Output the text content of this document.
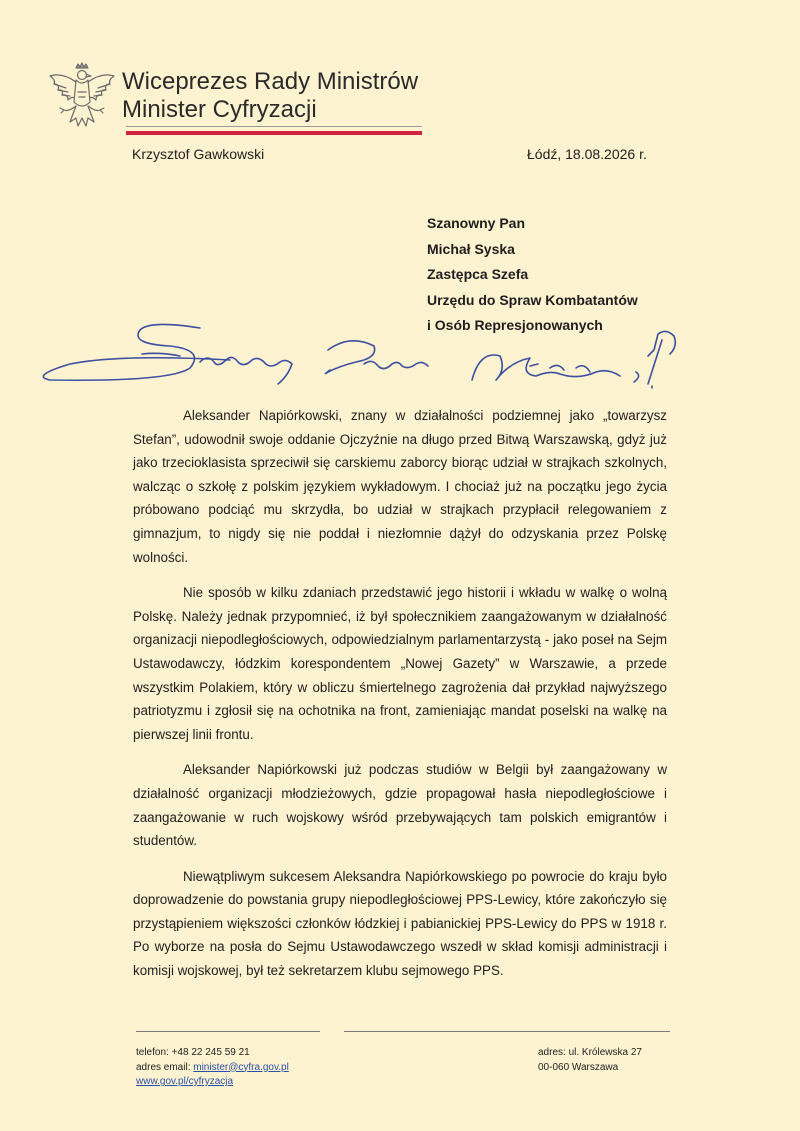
Wiceprezes Rady Ministrów
Minister Cyfryzacji
Krzysztof Gawkowski	Łódź, 18.08.2026 r.
Szanowny Pan
Michał Syska
Zastępca Szefa
Urzędu do Spraw Kombatantów
i Osób Represjonowanych

Aleksander Napiórkowski, znany w działalności podziemnej jako „towarzysz Stefan”, udowodnił swoje oddanie Ojczyźnie na długo przed Bitwą Warszawską, gdyż już jako trzecioklasista sprzeciwił się carskiemu zaborcy biorąc udział w strajkach szkolnych, walcząc o szkołę z polskim językiem wykładowym. I chociaż już na początku jego życia próbowano podciąć mu skrzydła, bo udział w strajkach przypłacił relegowaniem z gimnazjum, to nigdy się nie poddał i niezłomnie dążył do odzyskania przez Polskę wolności.

Nie sposób w kilku zdaniach przedstawić jego historii i wkładu w walkę o wolną Polskę. Należy jednak przypomnieć, iż był społecznikiem zaangażowanym w działalność organizacji niepodległościowych, odpowiedzialnym parlamentarzystą - jako poseł na Sejm Ustawodawczy, łódzkim korespondentem „Nowej Gazety” w Warszawie, a przede wszystkim Polakiem, który w obliczu śmiertelnego zagrożenia dał przykład najwyższego patriotyzmu i zgłosił się na ochotnika na front, zamieniając mandat poselski na walkę na pierwszej linii frontu.

Aleksander Napiórkowski już podczas studiów w Belgii był zaangażowany w działalność organizacji młodzieżowych, gdzie propagował hasła niepodległościowe i zaangażowanie w ruch wojskowy wśród przebywających tam polskich emigrantów i studentów.

Niewątpliwym sukcesem Aleksandra Napiórkowskiego po powrocie do kraju było doprowadzenie do powstania grupy niepodległościowej PPS-Lewicy, które zakończyło się przystąpieniem większości członków łódzkiej i pabianickiej PPS-Lewicy do PPS w 1918 r. Po wyborze na posła do Sejmu Ustawodawczego wszedł w skład komisji administracji i komisji wojskowej, był też sekretarzem klubu sejmowego PPS.

telefon: +48 22 245 59 21
adres email: minister@cyfra.gov.pl
www.gov.pl/cyfryzacja
adres: ul. Królewska 27
00-060 Warszawa
